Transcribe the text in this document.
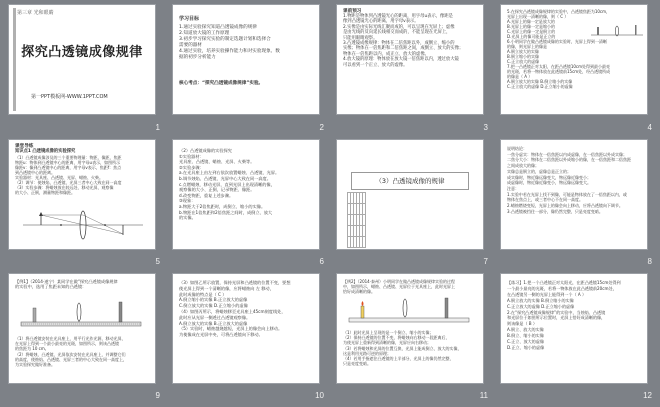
第三章 光和眼睛
探究凸透镜成像规律
第一PPT模板网-WWW.1PPT.COM
1
学习目标
1.通过实验探究知道凸透镜成像的规律
2.知道放大镜的工作原理
3.初步学习探究实验的制定选题计划和选择合
需要的器材
4.通过实验，培养实验操作能力和对实验现象、数
据的初步分析能力
核心考点：“探究凸透镜成像规律”实验。
2
课前预习
1.物距是物体到凸透镜光心的距离，用字母u表示，像距是
像到凸透镜光心的距离，用字母v表示。
2.实像是由实际光线汇聚而成的，可以呈现在光屏上；虚像
是由光线的反向延长线相交而成的，不能呈现在光屏上，
只能用眼睛观察。
3.凸透镜成像规律：物体在二倍焦距以外，成倒立、缩小的
实像；物体在一倍焦距和二倍焦距之间，成倒立、放大的实像；
物体在一倍焦距以内，成正立、放大的虚像。
4.放大镜的原理：物体放在放大镜一倍焦距以内，透过放大镜
可以看到一个正立、放大的虚像。
3
5.在探究凸透镜成像规律的实验中，凸透镜焦距为10cm，
光屏上出现一清晰的像，则（ C ）
A.光屏上的像一定是放大的
B.光屏上的像一定是缩小的
C.光屏上的像一定是倒立的
D.光屏上的像可能是正立的
6.小明同学在做凸透镜成像的实验时，光屏上得到一清晰
的像，则光屏上的像是
A.倒立放大的实像
B.倒立缩小的实像
C.正立放大的虚像
7.把一凸透镜正对太阳，在距凸透镜10cm处得到最小最亮
的光斑，若将一物体放在此透镜前15cm处，经凸透镜所成
的像是（ A ）
A.倒立放大的实像 B.倒立缩小的实像
C.正立放大的虚像 D.正立缩小的虚像
4
课堂导练
知识点1 凸透镜成像的实验探究
（1）凸透镜成像涉及的三个重要物理量：物距、像距、焦距
物距u：物体到凸透镜中心的距离，用字母u表示，如图所示
像距v：像到凸透镜中心的距离，用字母v表示，焦距f：焦点
到凸透镜中心的距离。
实验器材：光具座、凸透镜、光屏、蜡烛、火柴。
（2）调节：使烛焰、凸透镜、光屏三者中心大致在同一高度
（3）实验步骤：将蜡烛放在较远处，移动光屏，观察像
的大小、正倒，测量物距和像距。
5
（2）凸透镜成像的实验探究
①实验器材：
光具座、凸透镜、蜡烛、光屏、火柴等。
②实验步骤：
a.在光具座上由左到右依次放置蜡烛、凸透镜、光屏。
b.调节烛焰、凸透镜、光屏中心大致在同一高度。
c.点燃蜡烛，移动光屏，直到光屏上出现清晰的像，
观察像的大小、正倒，记录物距、像距。
d.改变物距，重复上述步骤。
③现象：
a.物距大于2倍焦距时，成倒立、缩小的实像。
b.物距在1倍焦距和2倍焦距之间时，成倒立、放大
的实像。
6
（3）凸透镜成像的规律

7
说明结论：
一焦分虚实：物体在一倍焦距以内成虚像，在一倍焦距以外成实像；
二焦分大小：物体在二倍焦距以外成缩小的像，在一倍焦距和二倍焦距
之间成放大的像；
实像总是倒立的，虚像总是正立的；
成实像时，物近像远像变大，物远像近像变小；
成虚像时，物近像近像变小，物远像远像变大。
注意：
1.实验中若在光屏上找不到像，可能是物体放在了一倍焦距以内，或
物体在焦点上，或三者中心不在同一高度。
2.蜡烛燃烧变短，光屏上的像会向上移动，应将凸透镜向下调节。
3.凸透镜被挡住一部分，像仍然完整，只是亮度变暗。
8
【例1】（2014·遂宁）某同学在做“探究凸透镜成像规律
的实验中，选用了焦距未知的凸透镜：
（1）将凸透镜安装在光具座上，用平行光作光源，移动光屏，
在光屏上得到一个最小最亮的光斑，如图所示，则该凸透镜
的焦距为 10 cm。
（2）将蜡烛、凸透镜、光屏依次安装在光具座上，并调整它们
的高度，使烛焰、凸透镜、光屏三者的中心大致在同一高度上，
为实验探究做好准备。
9
（3）如图乙所示放置，保持光屏和凸透镜的位置不变，要想
使光屏上得到一个清晰的像，应将蜡烛向 左 移动，
此时成像的特点是（ C ）
A.倒立缩小的实像 B.正立放大的虚像
C.倒立放大的实像 D.正立缩小的虚像
（4）如图丙所示，将蜡烛移至光具座上45cm刻度线处，
此时应从光屏一侧透过凸透镜观察像。
A.倒立放大的实像 B.正立放大的虚像
（5）实验时，蜡烛越烧越短，光屏上的像会向上移动。
为使像成在光屏中央，可将凸透镜向下移动。
10
【例2】（2014·泰州）小明同学在做凸透镜成像规律实验的过程
中，如图所示，蜡烛、凸透镜、光屏位于光具座上，此时光屏上
恰好成清晰的像。
（1）此时光屏上呈现的是一个倒立、缩小的实像；
（2）保持凸透镜的位置不变，将蜡烛向右移动一段距离后，
为使光屏上重新得到清晰的像，光屏应向右移动；
（3）若将蜡烛和光屏的位置互换，光屏上能成倒立、放大的实像，
这是利用光路可逆的原理；
（4）若用手指遮住凸透镜的上半部分，光屏上的像仍然完整，
只是亮度变暗。
11
【练习】1.把一个凸透镜正对太阳光，在距凸透镜15cm处得到
一个最小最亮的光斑，若将一物体放在此凸透镜前20cm处，
在凸透镜另一侧的光屏上能得到一个（ A ）
A.倒立放大的实像 B.倒立缩小的实像
C.正立放大的虚像 D.正立缩小的虚像
2.在“探究凸透镜成像规律”的实验中，当烛焰、凸透镜
和光屏位于如图所示位置时，光屏上恰好成清晰的像，
则该像是（ B ）
A.倒立、放大的实像
B.倒立、缩小的实像
C.正立、放大的虚像
D.正立、缩小的虚像
12
